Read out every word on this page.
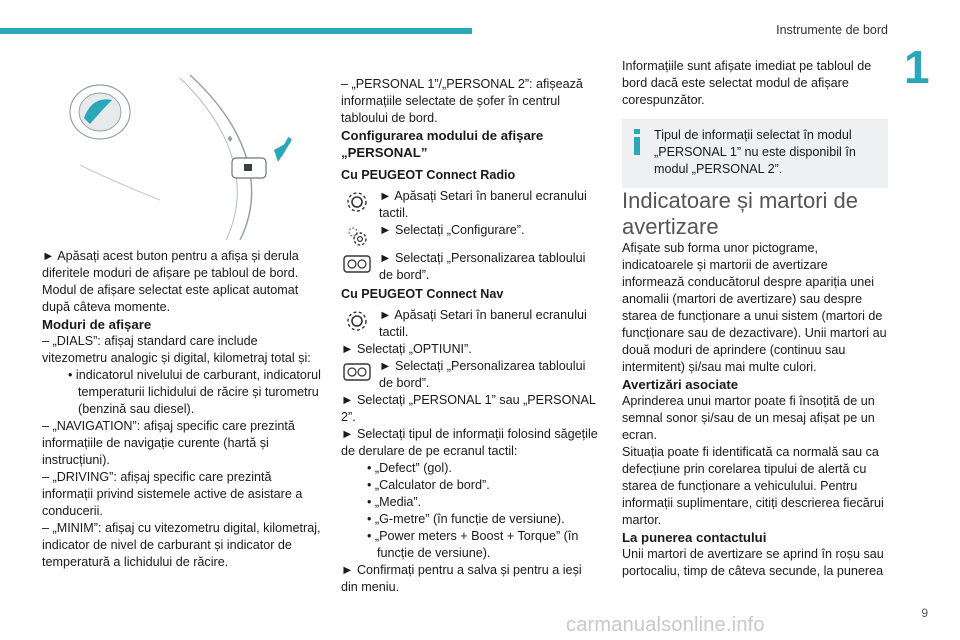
Instrumente de bord
1
♦

► Apăsați acest buton pentru a afișa și derula diferitele moduri de afișare pe tabloul de bord.

Modul de afișare selectat este aplicat automat după câteva momente.

Moduri de afișare

– „DIALS”: afișaj standard care include vitezometru analogic și digital, kilometraj total și:

• indicatorul nivelului de carburant, indicatorul temperaturii lichidului de răcire și turometru (benzină sau diesel).

– „NAVIGATION”: afișaj specific care prezintă informațiile de navigație curente (hartă și instrucțiuni).

– „DRIVING”: afișaj specific care prezintă informații privind sistemele active de asistare a conducerii.

– „MINIM”: afișaj cu vitezometru digital, kilometraj, indicator de nivel de carburant și indicator de temperatură a lichidului de răcire.

– „PERSONAL 1”/„PERSONAL 2”: afișează informațiile selectate de șofer în centrul tabloului de bord.

Configurarea modului de afișare „PERSONAL”

Cu PEUGEOT Connect Radio

► Apăsați Setari în banerul ecranului tactil.

► Selectați „Configurare”.

► Selectați „Personalizarea tabloului de bord”.

Cu PEUGEOT Connect Nav

► Apăsați Setari în banerul ecranului tactil.

► Selectați „OPTIUNI”.

► Selectați „Personalizarea tabloului de bord”.

► Selectați „PERSONAL 1” sau „PERSONAL 2”.

► Selectați tipul de informații folosind săgețile de derulare de pe ecranul tactil:

• „Defect” (gol).

• „Calculator de bord”.

• „Media”.

• „G-metre” (în funcție de versiune).

• „Power meters + Boost + Torque” (în funcție de versiune).

► Confirmați pentru a salva și pentru a ieși din meniu.

Informațiile sunt afișate imediat pe tabloul de bord dacă este selectat modul de afișare corespunzător.

Tipul de informații selectat în modul „PERSONAL 1” nu este disponibil în modul „PERSONAL 2”.

Indicatoare și martori de avertizare

Afișate sub forma unor pictograme, indicatoarele și martorii de avertizare informează conducătorul despre apariția unei anomalii (martori de avertizare) sau despre starea de funcționare a unui sistem (martori de funcționare sau de dezactivare). Unii martori au două moduri de aprindere (continuu sau intermitent) și/sau mai multe culori.

Avertizări asociate

Aprinderea unui martor poate fi însoțită de un semnal sonor și/sau de un mesaj afișat pe un ecran.

Situația poate fi identificată ca normală sau ca defecțiune prin corelarea tipului de alertă cu starea de funcționare a vehiculului. Pentru informații suplimentare, citiți descrierea fiecărui martor.

La punerea contactului

Unii martori de avertizare se aprind în roșu sau portocaliu, timp de câteva secunde, la punerea

carmanualsonline.info
9
